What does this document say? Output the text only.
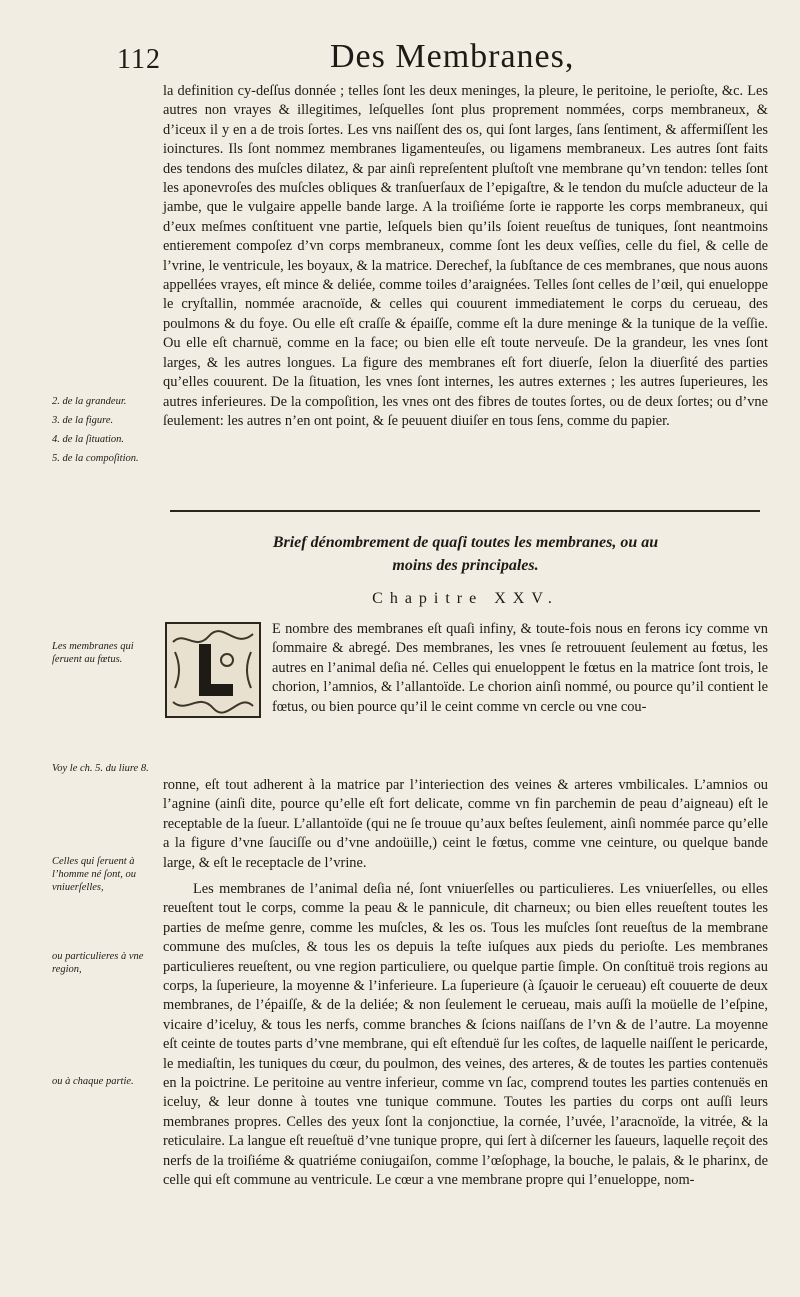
112	Des Membranes,

la definition cy-deſſus donnée ; telles ſont les deux meninges, la pleure, le peritoine, le perioſte, &c. Les autres non vrayes & illegitimes, leſquelles ſont plus proprement nommées, corps membraneux, & d’iceux il y en a de trois ſortes. Les vns naiſſent des os, qui ſont larges, ſans ſentiment, & affermiſſent les ioinctures. Ils ſont nommez membranes ligamenteuſes, ou ligamens membraneux. Les autres ſont faits des tendons des muſcles dilatez, & par ainſi repreſentent pluſtoſt vne membrane qu’vn tendon: telles ſont les aponevroſes des muſcles obliques & tranſuerſaux de l’epigaſtre, & le tendon du muſcle aducteur de la jambe, que le vulgaire appelle bande large. A la troiſiéme ſorte ie rapporte les corps membraneux, qui d’eux meſmes conſtituent vne partie, leſquels bien qu’ils ſoient reueſtus de tuniques, ſont neantmoins entierement compoſez d’vn corps membraneux, comme ſont les deux veſſies, celle du fiel, & celle de l’vrine, le ventricule, les boyaux, & la matrice. Derechef, la ſubſtance de ces membranes, que nous auons appellées vrayes, eſt mince & deliée, comme toiles d’araignées. Telles ſont celles de l’œil, qui enueloppe le cryſtallin, nommée aracnoïde, & celles qui couurent immediatement le corps du cerueau, des poulmons & du foye. Ou elle eſt craſſe & épaiſſe, comme eſt la dure meninge & la tunique de la veſſie. Ou elle eſt charnuë, comme en la face; ou bien elle eſt toute nerveuſe. De la grandeur, les vnes ſont larges, & les autres longues. La figure des membranes eſt fort diuerſe, ſelon la diuerſité des parties qu’elles couurent. De la ſituation, les vnes ſont internes, les autres externes ; les autres ſuperieures, les autres inferieures. De la compoſition, les vnes ont des fibres de toutes ſortes, ou de deux ſortes; ou d’vne ſeulement: les autres n’en ont point, & ſe peuuent diuiſer en tous ſens, comme du papier.

2. de la grandeur.
3. de la figure.
4. de la ſituation.
5. de la compoſition.
Brief dénombrement de quaſi toutes les membranes, ou au
moins des principales.
Chapitre XXV.
E nombre des membranes eſt quaſi infiny, & toute-fois nous en ferons icy comme vn ſommaire & abregé. Des membranes, les vnes ſe retrouuent ſeulement au fœtus, les autres en l’animal deſia né. Celles qui enueloppent le fœtus en la matrice ſont trois, le chorion, l’amnios, & l’allantoïde. Le chorion ainſi nommé, ou pource qu’il contient le fœtus, ou bien pource qu’il le ceint comme vn cercle ou vne cou-

ronne, eſt tout adherent à la matrice par l’interiection des veines & arteres vmbilicales. L’amnios ou l’agnine (ainſi dite, pource qu’elle eſt fort delicate, comme vn fin parchemin de peau d’aigneau) eſt le receptable de la ſueur. L’allantoïde (qui ne ſe trouue qu’aux beſtes ſeulement, ainſi nommée parce qu’elle a la figure d’vne ſauciſſe ou d’vne andoüille,) ceint le fœtus, comme vne ceinture, ou quelque bande large, & eſt le receptacle de l’vrine.

Les membranes de l’animal deſia né, ſont vniuerſelles ou particulieres. Les vniuerſelles, ou elles reueſtent tout le corps, comme la peau & le pannicule, dit charneux; ou bien elles reueſtent toutes les parties de meſme genre, comme les muſcles, & les os. Tous les muſcles ſont reueſtus de la membrane commune des muſcles, & tous les os depuis la teſte iuſques aux pieds du perioſte. Les membranes particulieres reueſtent, ou vne region particuliere, ou quelque partie ſimple. On conſtituë trois regions au corps, la ſuperieure, la moyenne & l’inferieure. La ſuperieure (à ſçauoir le cerueau) eſt couuerte de deux membranes, de l’épaiſſe, & de la deliée; & non ſeulement le cerueau, mais auſſi la moüelle de l’eſpine, vicaire d’iceluy, & tous les nerfs, comme branches & ſcions naiſſans de l’vn & de l’autre. La moyenne eſt ceinte de toutes parts d’vne membrane, qui eſt eſtenduë ſur les coſtes, de laquelle naiſſent le pericarde, le mediaſtin, les tuniques du cœur, du poulmon, des veines, des arteres, & de toutes les parties contenuës en la poictrine. Le peritoine au ventre inferieur, comme vn ſac, comprend toutes les parties contenuës en iceluy, & leur donne à toutes vne tunique commune. Toutes les parties du corps ont auſſi leurs membranes propres. Celles des yeux ſont la conjonctiue, la cornée, l’uvée, l’aracnoïde, la vitrée, & la reticulaire. La langue eſt reueſtuë d’vne tunique propre, qui ſert à diſcerner les ſaueurs, laquelle reçoit des nerfs de la troiſiéme & quatriéme coniugaiſon, comme l’œſophage, la bouche, le palais, & le pharinx, de celle qui eſt commune au ventricule. Le cœur a vne membrane propre qui l’enueloppe, nom-

Les membranes qui ſeruent au fœtus.
Voy le ch. 5. du liure 8.
Celles qui ſeruent à l’homme né ſont, ou vniuerſelles,
ou particulieres à vne region,
ou à chaque partie.
